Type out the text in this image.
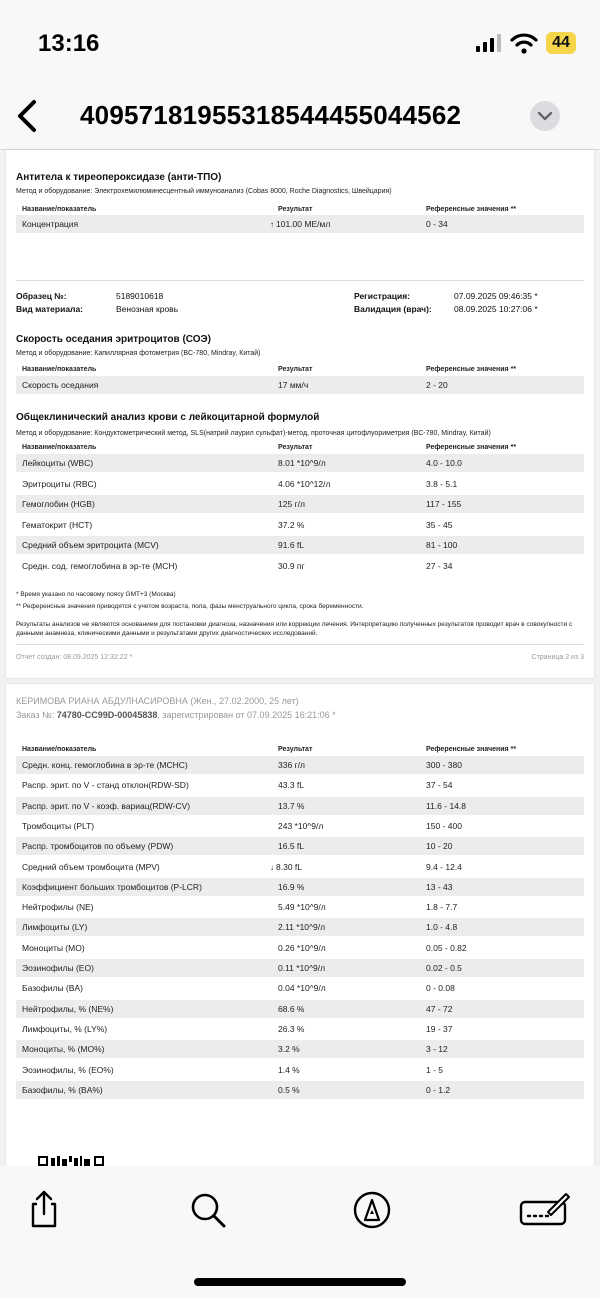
13:16	44
40957181955318544455044562
Антитела к тиреопероксидазе (анти-ТПО)
Метод и оборудование: Электрохемилюминесцентный иммуноанализ (Cobas 8000, Roche Diagnostics, Швейцария)
Название/показатель	Результат	Референсные значения **
Концентрация	↑ 101.00 МЕ/мл	0 - 34
Образец №:	5189010618	Регистрация:	07.09.2025 09:46:35 *
Вид материала:	Венозная кровь	Валидация (врач):	08.09.2025 10:27:06 *
Скорость оседания эритроцитов (СОЭ)
Метод и оборудование: Капиллярная фотометрия (BC-780, Mindray, Китай)
Название/показатель	Результат	Референсные значения **
Скорость оседания	17 мм/ч	2 - 20
Общеклинический анализ крови с лейкоцитарной формулой
Метод и оборудование: Кондуктометрический метод, SLS(натрий лаурил сульфат)-метод, проточная цитофлуориметрия (BC-780, Mindray, Китай)
Название/показатель	Результат	Референсные значения **
Лейкоциты (WBC)	8.01 *10^9/л	4.0 - 10.0
Эритроциты (RBC)	4.06 *10^12/л	3.8 - 5.1
Гемоглобин (HGB)	125 г/л	117 - 155
Гематокрит (HCT)	37.2 %	35 - 45
Средний объем эритроцита (MCV)	91.6 fL	81 - 100
Средн. сод. гемоглобина в эр-те (MCH)	30.9 пг	27 - 34
* Время указано по часовому поясу GMT+3 (Москва)
** Референсные значения приводятся с учетом возраста, пола, фазы менструального цикла, срока беременности.
Результаты анализов не являются основанием для постановки диагноза, назначения или коррекции лечения. Интерпретацию полученных результатов проводит врач в совокупности с данными анамнеза, клиническими данными и результатами других диагностических исследований.
Отчет создан: 08.09.2025 12:32:22 *	Страница 2 из 3
КЕРИМОВА РИАНА АБДУЛНАСИРОВНА (Жен., 27.02.2000, 25 лет)
Заказ №: 74780-CC99D-00045838, зарегистрирован от 07.09.2025 16:21:06 *
Название/показатель	Результат	Референсные значения **
Средн. конц. гемоглобина в эр-те (MCHC)	336 г/л	300 - 380
Распр. эрит. по V - станд отклон(RDW-SD)	43.3 fL	37 - 54
Распр. эрит. по V - коэф. вариац(RDW-CV)	13.7 %	11.6 - 14.8
Тромбоциты (PLT)	243 *10^9/л	150 - 400
Распр. тромбоцитов по объему (PDW)	16.5 fL	10 - 20
Средний объем тромбоцита (MPV)	↓ 8.30 fL	9.4 - 12.4
Коэффициент больших тромбоцитов (P-LCR)	16.9 %	13 - 43
Нейтрофилы (NE)	5.49 *10^9/л	1.8 - 7.7
Лимфоциты (LY)	2.11 *10^9/л	1.0 - 4.8
Моноциты (MO)	0.26 *10^9/л	0.05 - 0.82
Эозинофилы (EO)	0.11 *10^9/л	0.02 - 0.5
Базофилы (BA)	0.04 *10^9/л	0 - 0.08
Нейтрофилы, % (NE%)	68.6 %	47 - 72
Лимфоциты, % (LY%)	26.3 %	19 - 37
Моноциты, % (MO%)	3.2 %	3 - 12
Эозинофилы, % (EO%)	1.4 %	1 - 5
Базофилы, % (BA%)	0.5 %	0 - 1.2
